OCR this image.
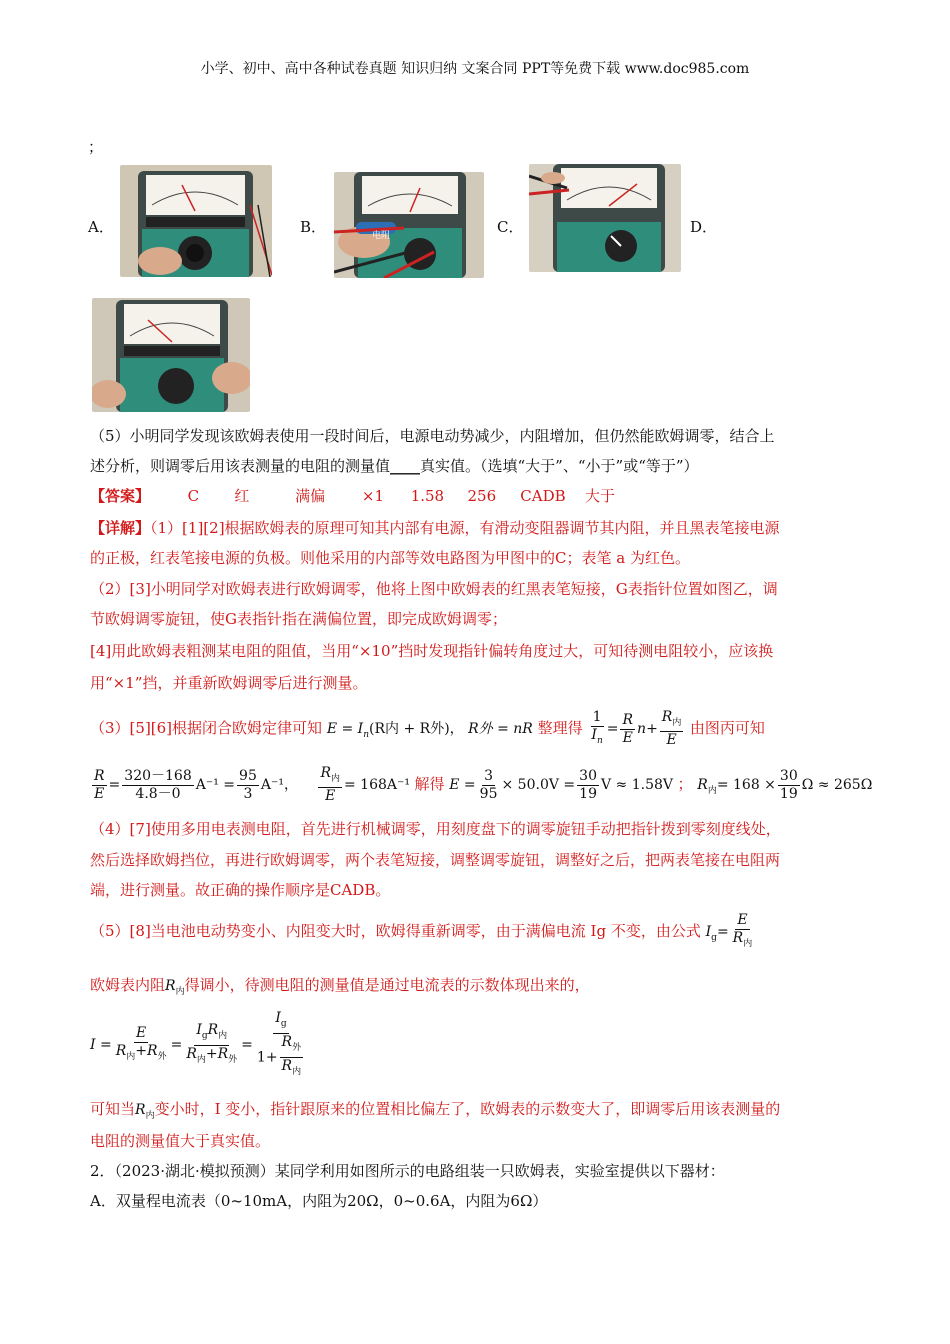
小学、初中、高中各种试卷真题 知识归纳 文案合同 PPT等免费下载 www.doc985.com
；
A．	B．	电阻	C．	D．
（5）小明同学发现该欧姆表使用一段时间后，电源电动势减少，内阻增加，但仍然能欧姆调零，结合上
述分析，则调零后用该表测量的电阻的测量值____真实值。（选填“大于”、“小于”或“等于”）
【答案】	C 红	满偏 ×1 1.58 256 CADB 大于
【详解】（1）[1][2]根据欧姆表的原理可知其内部有电源，有滑动变阻器调节其内阻，并且黑表笔接电源
的正极，红表笔接电源的负极。则他采用的内部等效电路图为甲图中的C；表笔 a 为红色。
（2）[3]小明同学对欧姆表进行欧姆调零，他将上图中欧姆表的红黑表笔短接，G表指针位置如图乙，调
节欧姆调零旋钮，使G表指针指在满偏位置，即完成欧姆调零；
[4]用此欧姆表粗测某电阻的阻值，当用“×10”挡时发现指针偏转角度过大，可知待测电阻较小，应该换
用“×1”挡，并重新欧姆调零后进行测量。
（3）[5][6]根据闭合欧姆定律可知 $E = I_n(R$内 + R外)， R外 = nR 整理得 $\frac{1}{I_n} = \frac{R}{E} n+ \frac{R_内}{E}$ 由图丙可知
$\frac{R}{E} = \frac{320-168}{4.8-0} A^{-1} = \frac{95}{3} A^{-1}$， $\frac{R_内}{E} = 168A^{-1}$ 解得 $E = \frac{3}{95} \times 50.0V = \frac{30}{19}$ V ≈ 1.58V ； $R_内= 168 \times \frac{30}{19}$ Ω ≈ 265Ω
（4）[7]使用多用电表测电阻，首先进行机械调零，用刻度盘下的调零旋钮手动把指针拨到零刻度线处，
然后选择欧姆挡位，再进行欧姆调零，两个表笔短接，调整调零旋钮，调整好之后，把两表笔接在电阻两
端，进行测量。故正确的操作顺序是CADB。
（5）[8]当电池电动势变小、内阻变大时，欧姆得重新调零，由于满偏电流 Ig 不变，由公式 $I_g= \frac{E}{R_内}$
欧姆表内阻$R_内$得调小，待测电阻的测量值是通过电流表的示数体现出来的，
$I = \frac{E}{R_内+R_外} = \frac{I_gR_内}{R_内+R_外} = \frac{I_g}{1+ \frac{R_外}{R_内}}$
可知当$R_内$变小时，I 变小，指针跟原来的位置相比偏左了，欧姆表的示数变大了，即调零后用该表测量的
电阻的测量值大于真实值。
2．（2023·湖北·模拟预测）某同学利用如图所示的电路组装一只欧姆表，实验室提供以下器材：
A．双量程电流表（0~10mA，内阻为20Ω，0~0.6A，内阻为6Ω）
